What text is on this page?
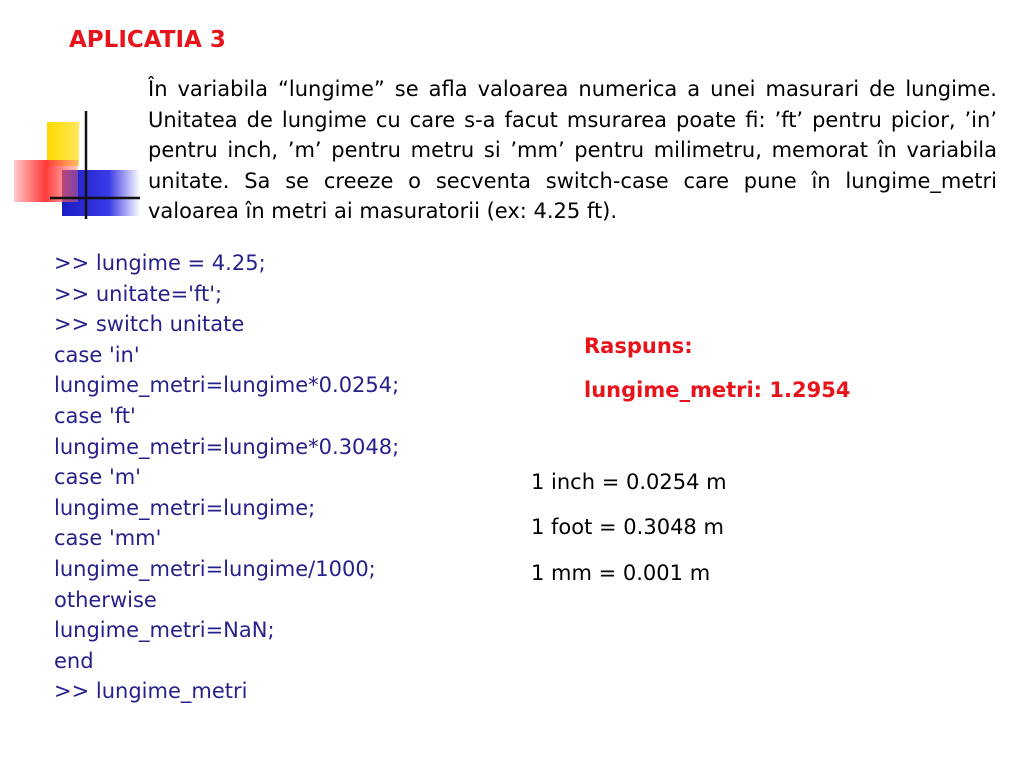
APLICATIA 3
În variabila “lungime” se afla valoarea numerica a unei masurari de lungime. Unitatea de lungime cu care s-a facut msurarea poate fi: ’ft’ pentru picior, ’in’ pentru inch, ’m’ pentru metru si ’mm’ pentru milimetru, memorat în variabila unitate. Sa se creeze o secventa switch-case care pune în lungime_metri valoarea în metri ai masuratorii (ex: 4.25 ft).
>> lungime = 4.25;
>> unitate='ft';
>> switch unitate
case 'in'
lungime_metri=lungime*0.0254;
case 'ft'
lungime_metri=lungime*0.3048;
case 'm'
lungime_metri=lungime;
case 'mm'
lungime_metri=lungime/1000;
otherwise
lungime_metri=NaN;
end
>> lungime_metri
Raspuns:
lungime_metri: 1.2954
1 inch = 0.0254 m
1 foot = 0.3048 m
1 mm = 0.001 m
